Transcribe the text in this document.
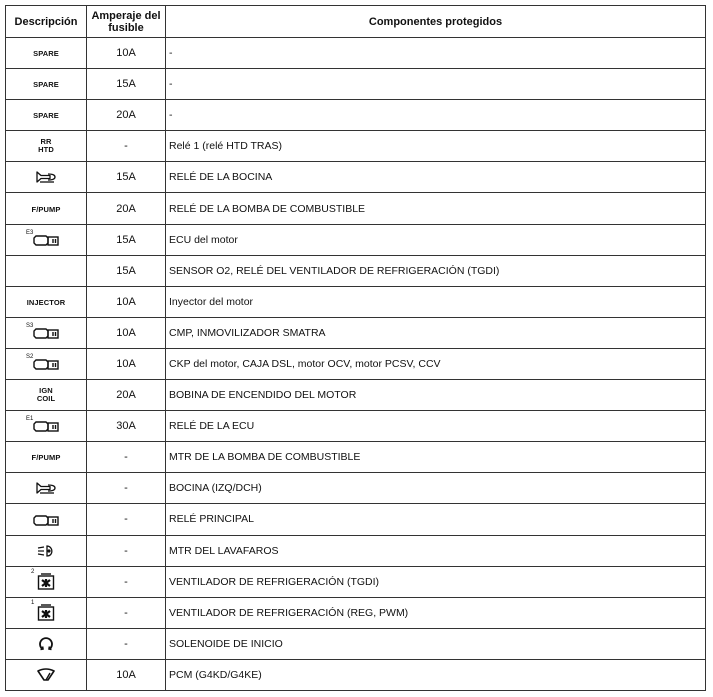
Descripción	Amperaje del fusible	Componentes protegidos
SPARE	10A	-
SPARE	15A	-
SPARE	20A	-

RR
HTD	-	Relé 1 (relé HTD TRAS)

	15A	RELÉ DE LA BOCINA
F/PUMP	20A	RELÉ DE LA BOMBA DE COMBUSTIBLE

E3	15A	ECU del motor
	15A	SENSOR O2, RELÉ DEL VENTILADOR DE REFRIGERACIÓN (TGDI)
INJECTOR	10A	Inyector del motor

S3	10A	CMP, INMOVILIZADOR SMATRA

S2	10A	CKP del motor, CAJA DSL, motor OCV, motor PCSV, CCV

IGN
COIL	20A	BOBINA DE ENCENDIDO DEL MOTOR

E1	30A	RELÉ DE LA ECU
F/PUMP	-	MTR DE LA BOMBA DE COMBUSTIBLE

	-	BOCINA (IZQ/DCH)

	-	RELÉ PRINCIPAL

	-	MTR DEL LAVAFAROS

2	-	VENTILADOR DE REFRIGERACIÓN (TGDI)

1	-	VENTILADOR DE REFRIGERACIÓN (REG, PWM)

	-	SOLENOIDE DE INICIO

	10A	PCM (G4KD/G4KE)
